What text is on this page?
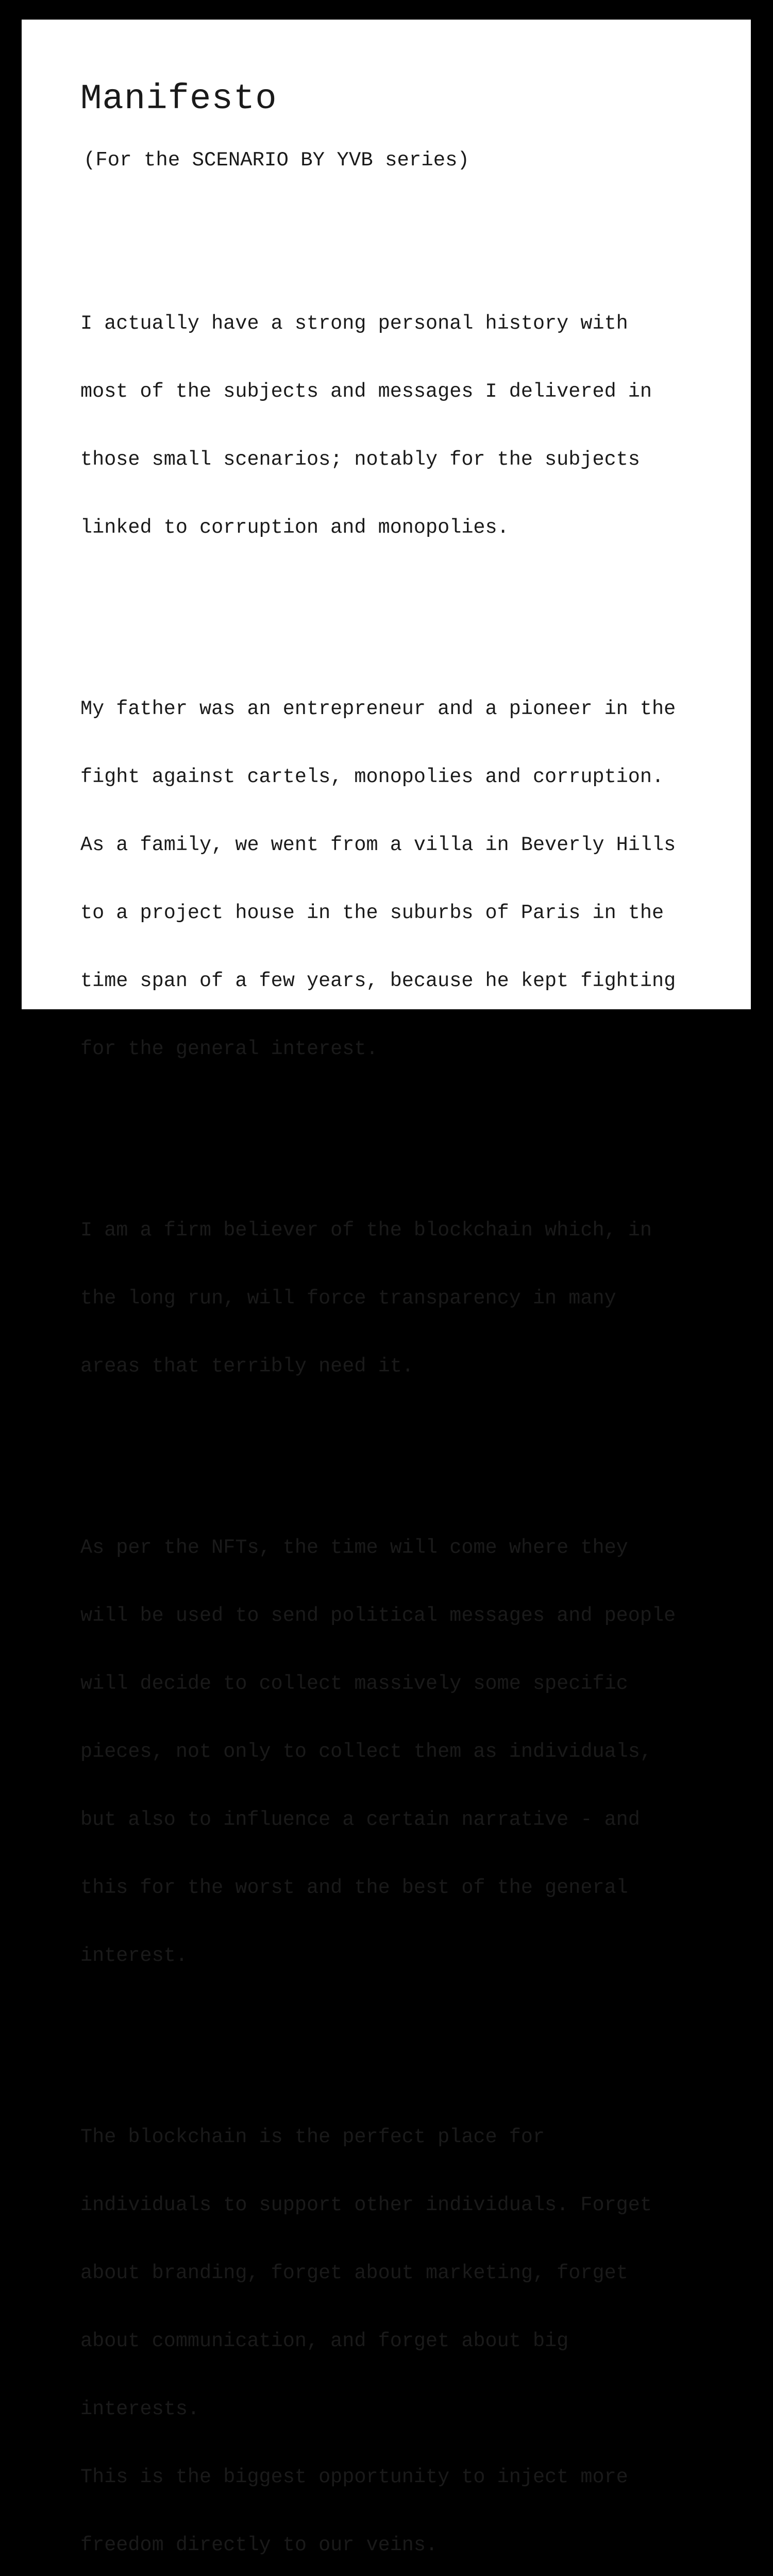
Manifesto

(For the SCENARIO BY YVB series)

I actually have a strong personal history with

most of the subjects and messages I delivered in

those small scenarios; notably for the subjects

linked to corruption and monopolies.

My father was an entrepreneur and a pioneer in the

fight against cartels, monopolies and corruption.

As a family, we went from a villa in Beverly Hills

to a project house in the suburbs of Paris in the

time span of a few years, because he kept fighting

for the general interest.

I am a firm believer of the blockchain which, in

the long run, will force transparency in many

areas that terribly need it.

As per the NFTs, the time will come where they

will be used to send political messages and people

will decide to collect massively some specific

pieces, not only to collect them as individuals,

but also to influence a certain narrative - and

this for the worst and the best of the general

interest.

The blockchain is the perfect place for

individuals to support other individuals. Forget

about branding, forget about marketing, forget

about communication, and forget about big

interests.

This is the biggest opportunity to inject more

freedom directly to our veins.
